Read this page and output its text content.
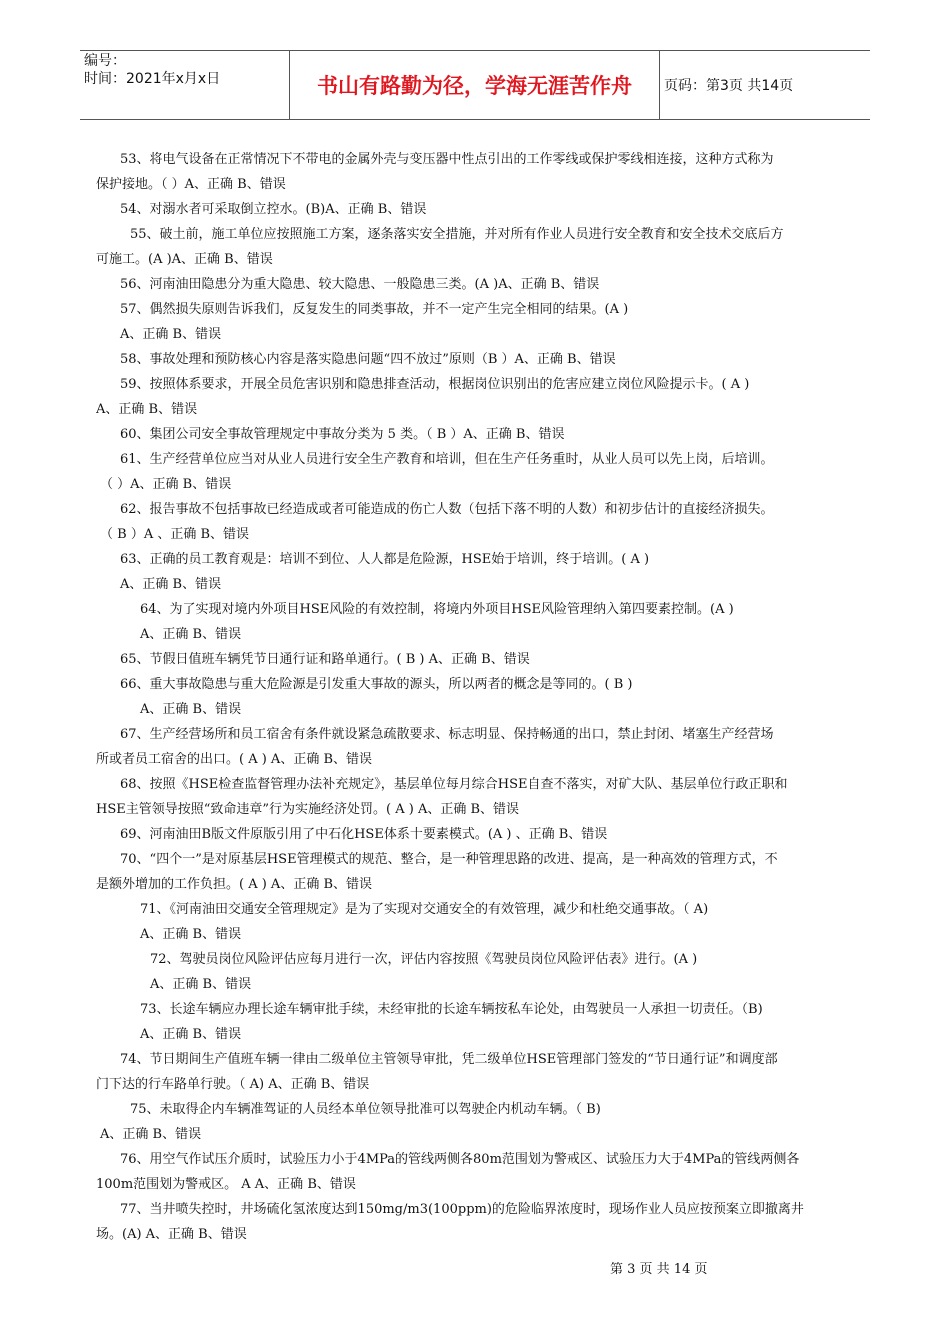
编号：
时间：2021年x月x日	书山有路勤为径，学海无涯苦作舟	页码：第3页 共14页
53、将电气设备在正常情况下不带电的金属外壳与变压器中性点引出的工作零线或保护零线相连接，这种方式称为
保护接地。（ ）A、正确 B、错误
54、对溺水者可采取倒立控水。(B)A、正确 B、错误
55、破土前，施工单位应按照施工方案，逐条落实安全措施，并对所有作业人员进行安全教育和安全技术交底后方
可施工。(A )A、正确 B、错误
56、河南油田隐患分为重大隐患、较大隐患、一般隐患三类。(A )A、正确 B、错误
57、偶然损失原则告诉我们，反复发生的同类事故，并不一定产生完全相同的结果。(A )
A、正确 B、错误
58、事故处理和预防核心内容是落实隐患问题“四不放过”原则（B ）A、正确 B、错误
59、按照体系要求，开展全员危害识别和隐患排查活动，根据岗位识别出的危害应建立岗位风险提示卡。( A )
A、正确 B、错误
60、集团公司安全事故管理规定中事故分类为 5 类。（ B ）A、正确 B、错误
61、生产经营单位应当对从业人员进行安全生产教育和培训，但在生产任务重时，从业人员可以先上岗，后培训。
（ ）A、正确 B、错误
62、报告事故不包括事故已经造成或者可能造成的伤亡人数（包括下落不明的人数）和初步估计的直接经济损失。
（ B ）A 、正确 B、错误
63、正确的员工教育观是：培训不到位、人人都是危险源，HSE始于培训，终于培训。( A )
A、正确 B、错误
64、为了实现对境内外项目HSE风险的有效控制，将境内外项目HSE风险管理纳入第四要素控制。(A )
A、正确 B、错误
65、节假日值班车辆凭节日通行证和路单通行。( B ) A、正确 B、错误
66、重大事故隐患与重大危险源是引发重大事故的源头，所以两者的概念是等同的。( B )
A、正确 B、错误
67、生产经营场所和员工宿舍有条件就设紧急疏散要求、标志明显、保持畅通的出口，禁止封闭、堵塞生产经营场
所或者员工宿舍的出口。( A ) A、正确 B、错误
68、按照《HSE检查监督管理办法补充规定》，基层单位每月综合HSE自查不落实，对矿大队、基层单位行政正职和
HSE主管领导按照“致命违章”行为实施经济处罚。( A ) A、正确 B、错误
69、河南油田B版文件原版引用了中石化HSE体系十要素模式。(A ) 、正确 B、错误
70、“四个一”是对原基层HSE管理模式的规范、整合，是一种管理思路的改进、提高，是一种高效的管理方式，不
是额外增加的工作负担。( A ) A、正确 B、错误
71、《河南油田交通安全管理规定》是为了实现对交通安全的有效管理，减少和杜绝交通事故。（ A)
A、正确 B、错误
72、驾驶员岗位风险评估应每月进行一次，评估内容按照《驾驶员岗位风险评估表》进行。(A )
A、正确 B、错误
73、长途车辆应办理长途车辆审批手续，未经审批的长途车辆按私车论处，由驾驶员一人承担一切责任。（B)
A、正确 B、错误
74、节日期间生产值班车辆一律由二级单位主管领导审批，凭二级单位HSE管理部门签发的“节日通行证”和调度部
门下达的行车路单行驶。（ A) A、正确 B、错误
75、未取得企内车辆准驾证的人员经本单位领导批准可以驾驶企内机动车辆。（ B)
A、正确 B、错误
76、用空气作试压介质时，试验压力小于4MPa的管线两侧各80m范围划为警戒区、试验压力大于4MPa的管线两侧各
100m范围划为警戒区。 A A、正确 B、错误
77、当井喷失控时，井场硫化氢浓度达到150mg/m3(100ppm)的危险临界浓度时，现场作业人员应按预案立即撤离井
场。(A) A、正确 B、错误
第 3 页 共 14 页
